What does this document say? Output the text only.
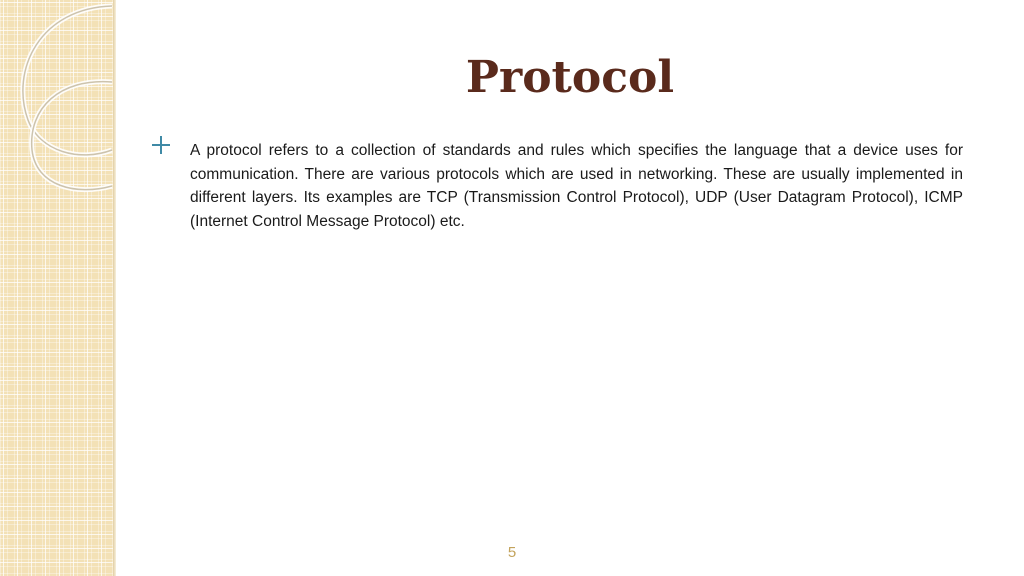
Protocol

A protocol refers to a collection of standards and rules which specifies the language that a device uses for communication. There are various protocols which are used in networking. These are usually implemented in different layers. Its examples are TCP (Transmission Control Protocol), UDP (User Datagram Protocol), ICMP (Internet Control Message Protocol) etc.

5
